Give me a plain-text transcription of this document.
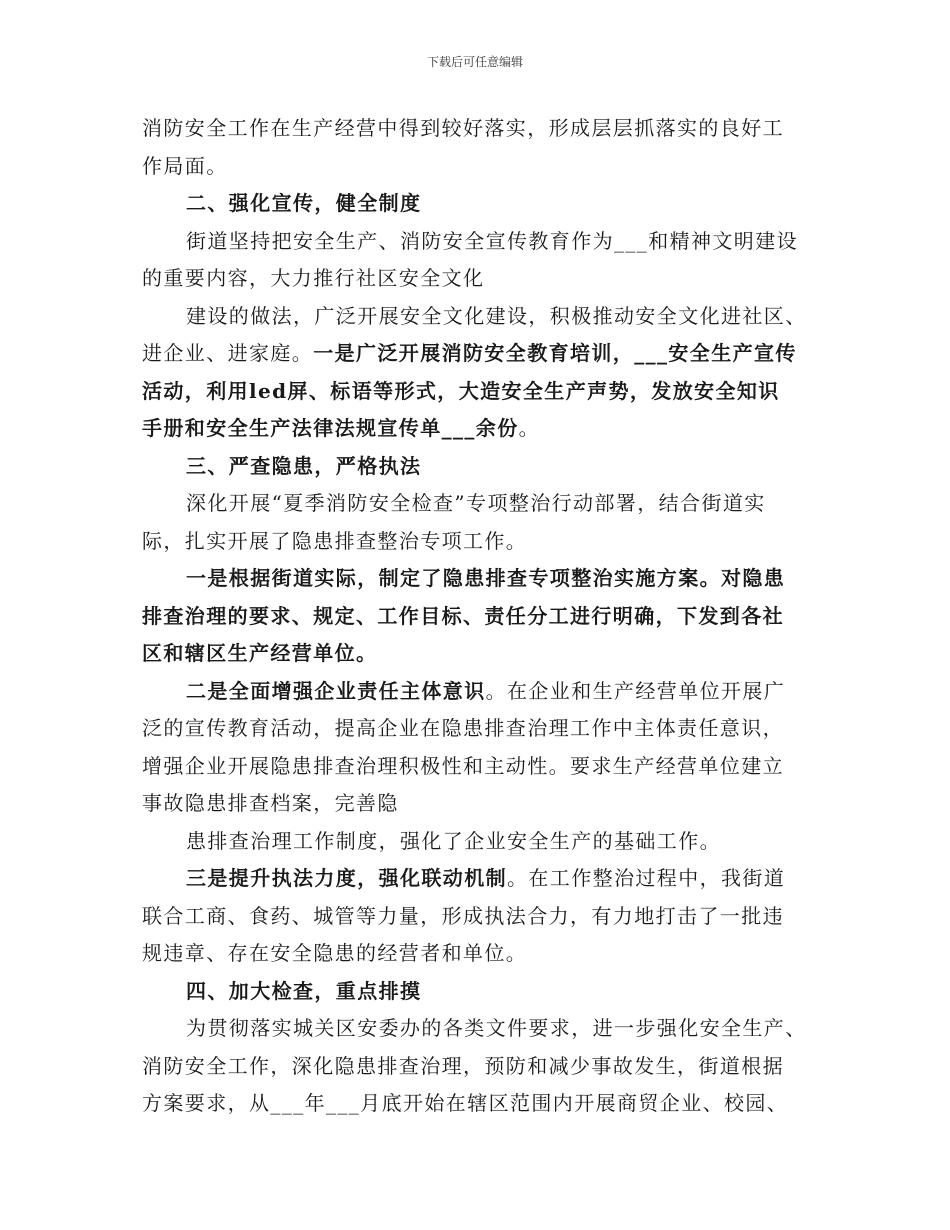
下载后可任意编辑
消防安全工作在生产经营中得到较好落实，形成层层抓落实的良好工
作局面。
二、强化宣传，健全制度
街道坚持把安全生产、消防安全宣传教育作为___和精神文明建设
的重要内容，大力推行社区安全文化
建设的做法，广泛开展安全文化建设，积极推动安全文化进社区、
进企业、进家庭。一是广泛开展消防安全教育培训，___安全生产宣传
活动，利用led屏、标语等形式，大造安全生产声势，发放安全知识
手册和安全生产法律法规宣传单___余份。
三、严查隐患，严格执法
深化开展“夏季消防安全检查”专项整治行动部署，结合街道实
际，扎实开展了隐患排查整治专项工作。
一是根据街道实际，制定了隐患排查专项整治实施方案。对隐患
排查治理的要求、规定、工作目标、责任分工进行明确，下发到各社
区和辖区生产经营单位。
二是全面增强企业责任主体意识。在企业和生产经营单位开展广
泛的宣传教育活动，提高企业在隐患排查治理工作中主体责任意识，
增强企业开展隐患排查治理积极性和主动性。要求生产经营单位建立
事故隐患排查档案，完善隐
患排查治理工作制度，强化了企业安全生产的基础工作。
三是提升执法力度，强化联动机制。在工作整治过程中，我街道
联合工商、食药、城管等力量，形成执法合力，有力地打击了一批违
规违章、存在安全隐患的经营者和单位。
四、加大检查，重点排摸
为贯彻落实城关区安委办的各类文件要求，进一步强化安全生产、
消防安全工作，深化隐患排查治理，预防和减少事故发生，街道根据
方案要求，从___年___月底开始在辖区范围内开展商贸企业、校园、
